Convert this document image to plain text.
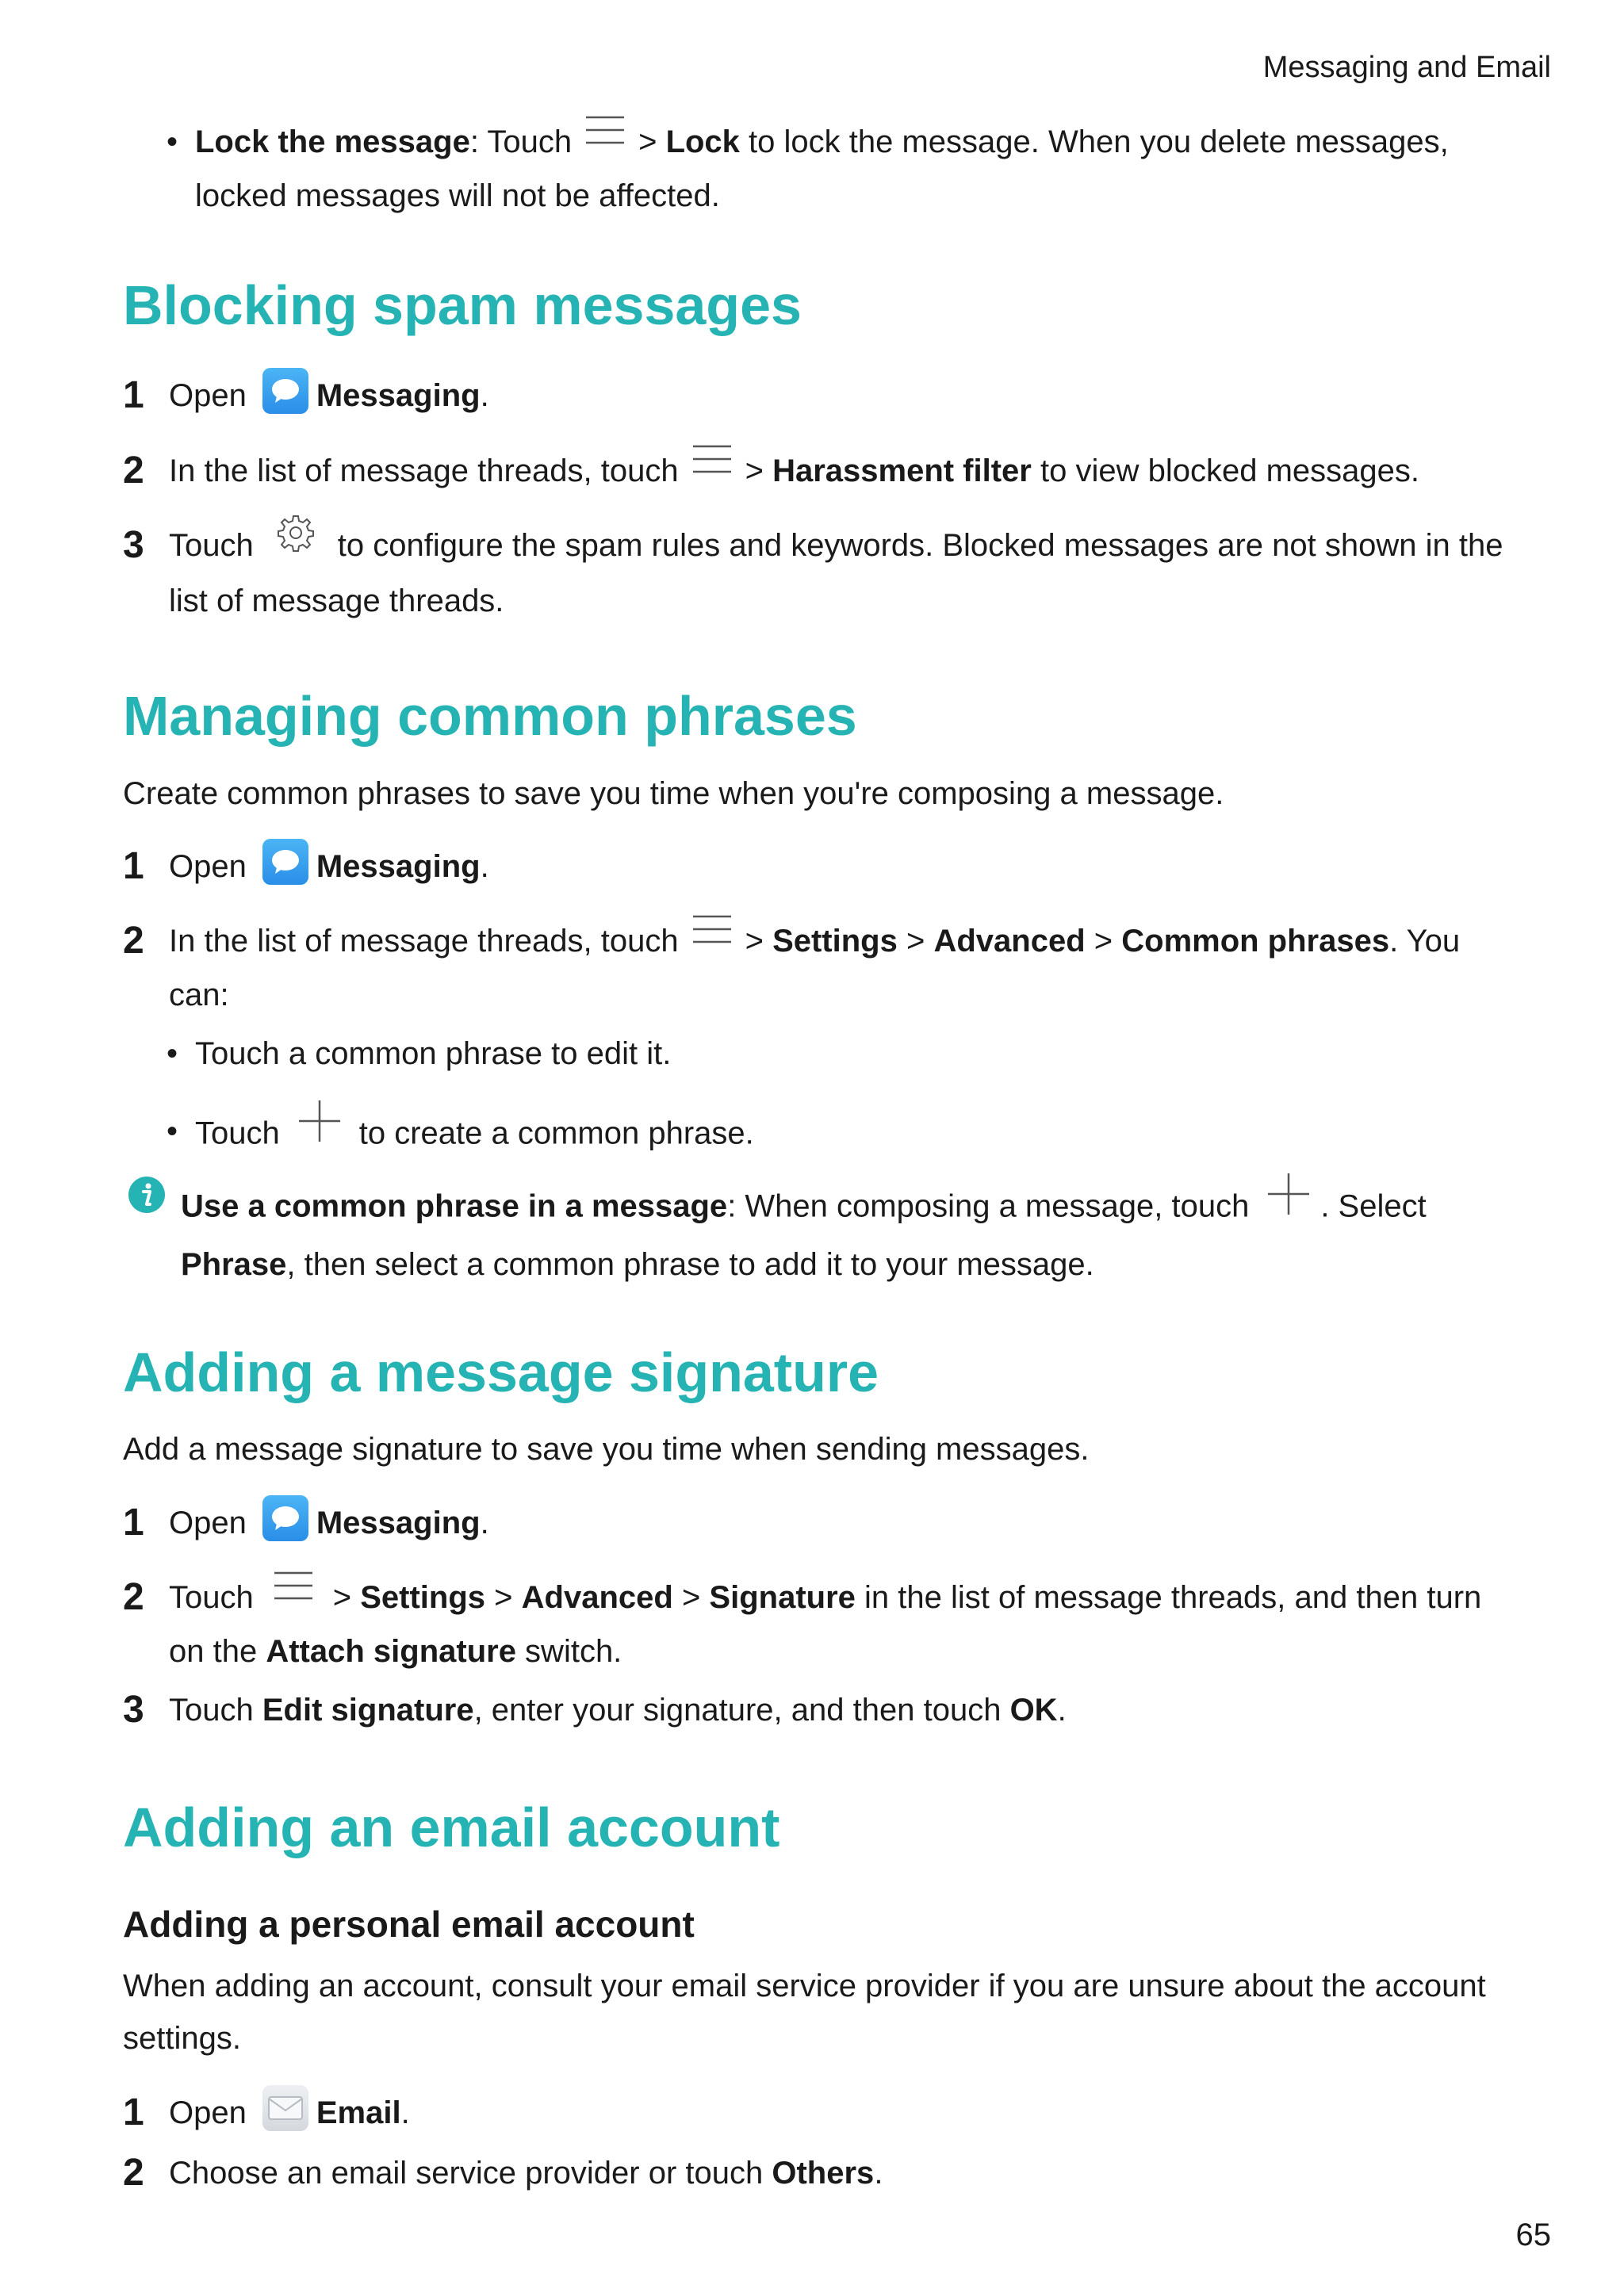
Messaging and Email
• Lock the message: Touch > Lock to lock the message. When you delete messages, locked messages will not be affected.
Blocking spam messages
1 Open Messaging.
2 In the list of message threads, touch > Harassment filter to view blocked messages.
3 Touch	to configure the spam rules and keywords. Blocked messages are not shown in the list of message threads.
Managing common phrases
Create common phrases to save you time when you're composing a message.
1 Open Messaging.
2 In the list of message threads, touch > Settings > Advanced > Common phrases. You can:
• Touch a common phrase to edit it.
• Touch	to create a common phrase.
Use a common phrase in a message: When composing a message, touch . Select Phrase, then select a common phrase to add it to your message.
Adding a message signature
Add a message signature to save you time when sending messages.
1 Open Messaging.
2 Touch	> Settings > Advanced > Signature in the list of message threads, and then turn on the Attach signature switch.
3 Touch Edit signature, enter your signature, and then touch OK.
Adding an email account
Adding a personal email account
When adding an account, consult your email service provider if you are unsure about the account settings.
1 Open Email.
2 Choose an email service provider or touch Others.
65
